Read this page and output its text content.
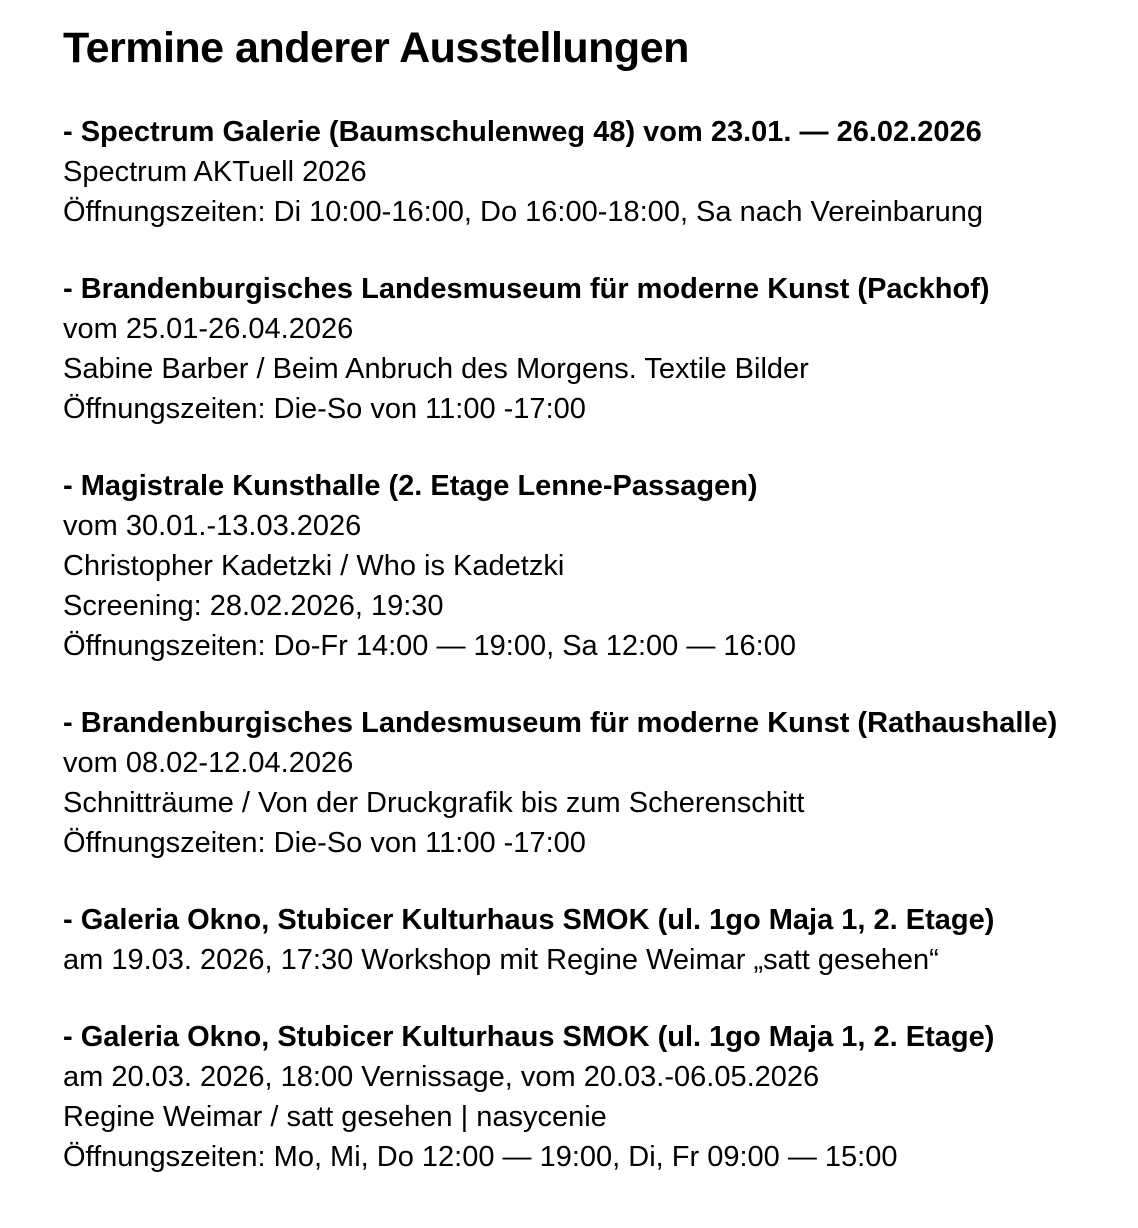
Termine anderer Ausstellungen

- Spectrum Galerie (Baumschulenweg 48) vom 23.01. — 26.02.2026
Spectrum AKTuell 2026
Öffnungszeiten: Di 10:00-16:00, Do 16:00-18:00, Sa nach Vereinbarung

- Brandenburgisches Landesmuseum für moderne Kunst (Packhof)
vom 25.01-26.04.2026
Sabine Barber / Beim Anbruch des Morgens. Textile Bilder
Öffnungszeiten: Die-So von 11:00 -17:00

- Magistrale Kunsthalle (2. Etage Lenne-Passagen)
vom 30.01.-13.03.2026
Christopher Kadetzki / Who is Kadetzki
Screening: 28.02.2026, 19:30
Öffnungszeiten: Do-Fr 14:00 — 19:00, Sa 12:00 — 16:00

- Brandenburgisches Landesmuseum für moderne Kunst (Rathaushalle)
vom 08.02-12.04.2026
Schnitträume / Von der Druckgrafik bis zum Scherenschitt
Öffnungszeiten: Die-So von 11:00 -17:00

- Galeria Okno, Stubicer Kulturhaus SMOK (ul. 1go Maja 1, 2. Etage)
am 19.03. 2026, 17:30 Workshop mit Regine Weimar „satt gesehen“

- Galeria Okno, Stubicer Kulturhaus SMOK (ul. 1go Maja 1, 2. Etage)
am 20.03. 2026, 18:00 Vernissage, vom 20.03.-06.05.2026
Regine Weimar / satt gesehen | nasycenie
Öffnungszeiten: Mo, Mi, Do 12:00 — 19:00, Di, Fr 09:00 — 15:00
